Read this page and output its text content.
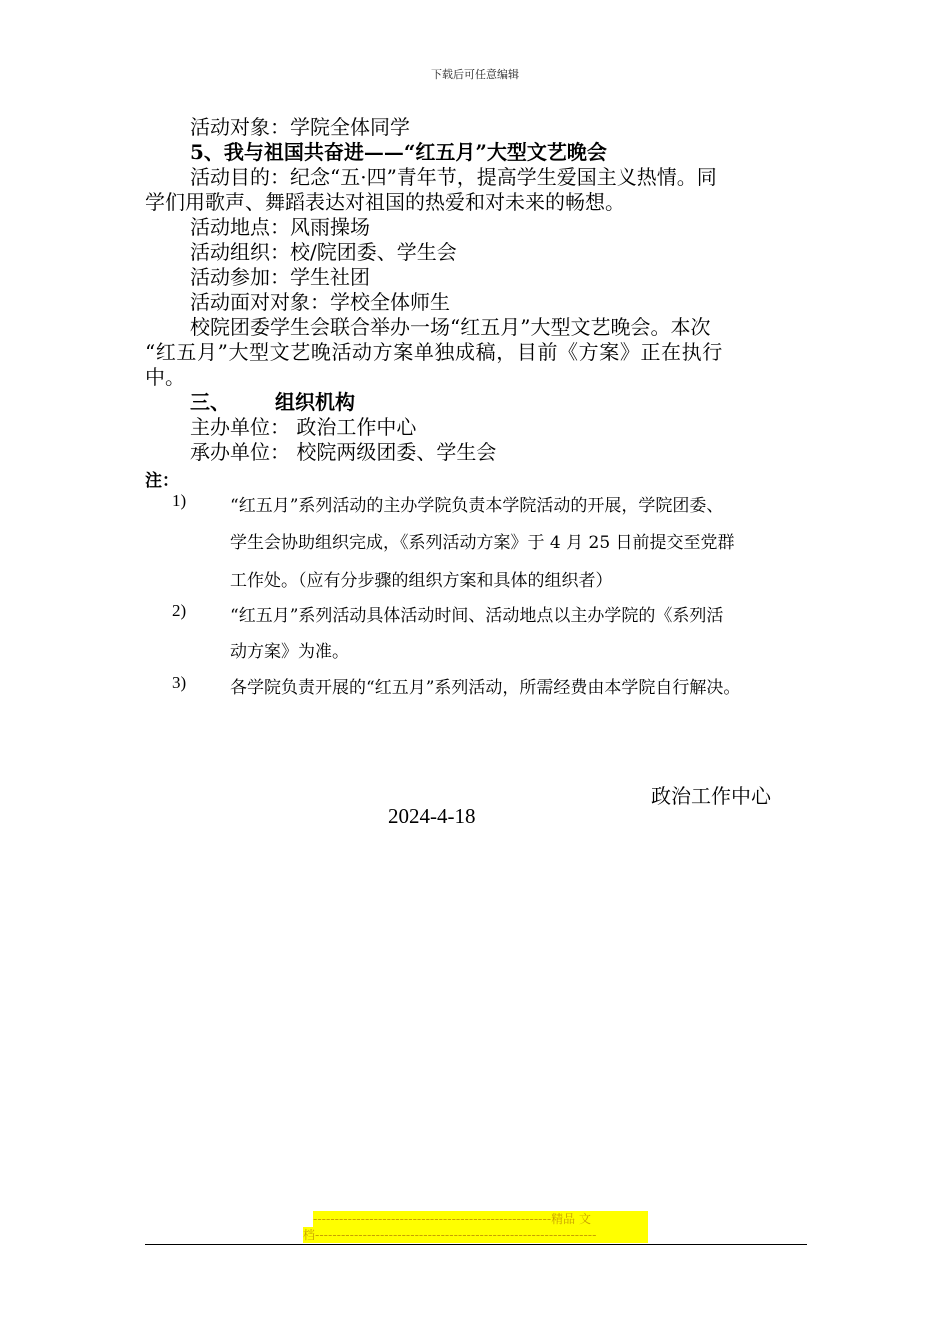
下载后可任意编辑
活动对象：学院全体同学
5、我与祖国共奋进——“红五月”大型文艺晚会
活动目的：纪念“五·四”青年节，提高学生爱国主义热情。同
学们用歌声、舞蹈表达对祖国的热爱和对未来的畅想。
活动地点：风雨操场
活动组织：校/院团委、学生会
活动参加：学生社团
活动面对对象：学校全体师生
校院团委学生会联合举办一场“红五月”大型文艺晚会。本次
“红五月”大型文艺晚活动方案单独成稿，目前《方案》正在执行
中。
三、 组织机构
主办单位： 政治工作中心
承办单位： 校院两级团委、学生会
注：
1)	“红五月”系列活动的主办学院负责本学院活动的开展，学院团委、
学生会协助组织完成，《系列活动方案》于 4 月 25 日前提交至党群
工作处。（应有分步骤的组织方案和具体的组织者）
2)	“红五月”系列活动具体活动时间、活动地点以主办学院的《系列活
动方案》为准。
3)	各学院负责开展的“红五月”系列活动，所需经费由本学院自行解决。
政治工作中心
2024-4-18
-------------------------------------------------------精品 文
档-----------------------------------------------------------------
